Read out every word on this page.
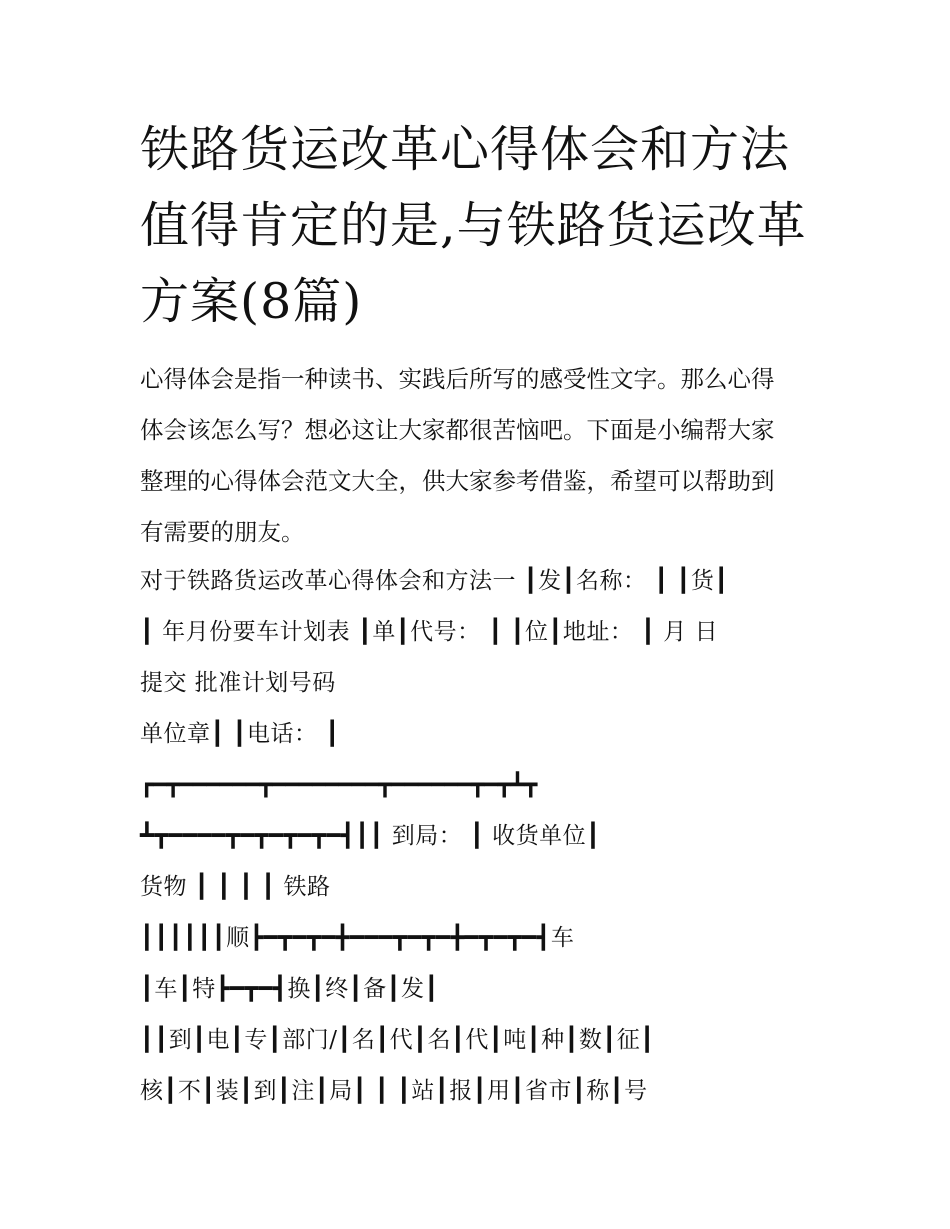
铁路货运改革心得体会和方法
值得肯定的是,与铁路货运改革
方案(8篇)

心得体会是指一种读书、实践后所写的感受性文字。那么心得
体会该怎么写？想必这让大家都很苦恼吧。下面是小编帮大家
整理的心得体会范文大全，供大家参考借鉴，希望可以帮助到
有需要的朋友。

对于铁路货运改革心得体会和方法一 ┃发┃名称： ┃ ┃货┃
┃ 年月份要车计划表 ┃单┃代号： ┃ ┃位┃地址： ┃ 月 日
提交 批准计划号码
单位章┃ ┃电话： ┃
┏━┳━━━━━━┳━━━━━━━━┳━━━━━━┳━┳┻┳
┻┳━━━━┳━┳━┳━┳━┫┃┃ 到局： ┃ 收货单位┃
货物 ┃ ┃ ┃ ┃ 铁路
┃┃┃┃┃┃顺┣━┳━┳━╋━━━┳━┳━╋━┳━┳━┫车
┃车┃特┣━┳━┫换┃终┃备┃发┃
┃┃到┃电┃专┃部门/┃名┃代┃名┃代┃吨┃种┃数┃征┃
核┃不┃装┃到┃注┃局┃ ┃ ┃站┃报┃用┃省市┃称┃号
